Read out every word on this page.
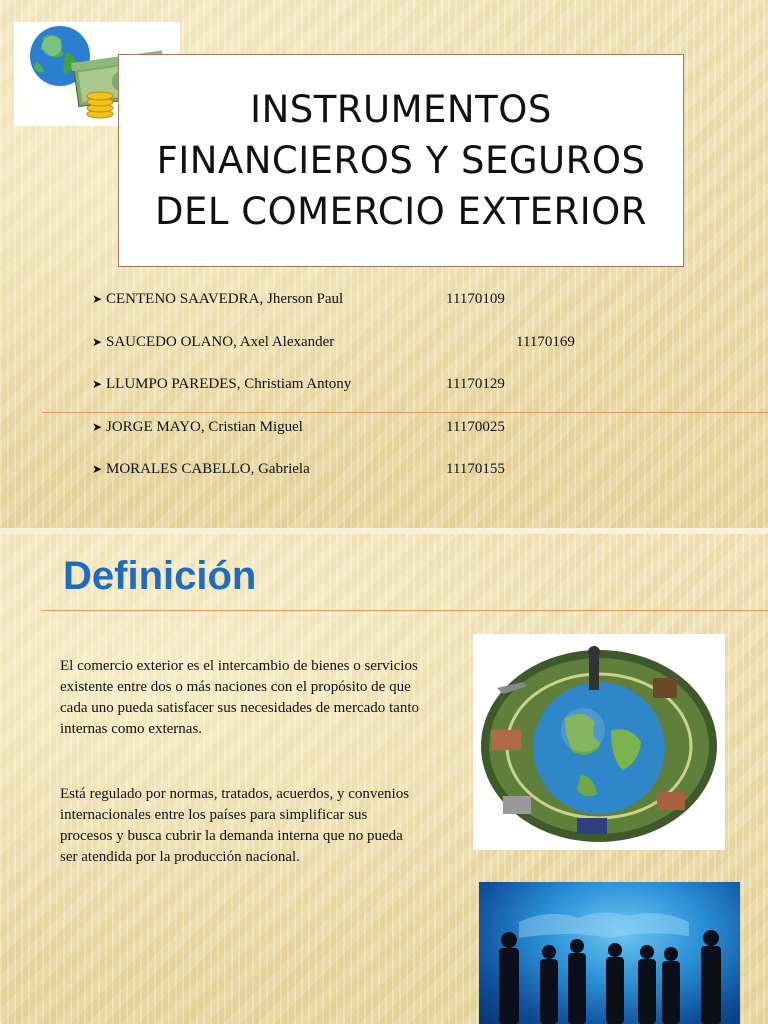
INSTRUMENTOS FINANCIEROS Y SEGUROS DEL COMERCIO EXTERIOR
➤ CENTENO SAAVEDRA, Jherson Paul	11170109
➤ SAUCEDO OLANO, Axel Alexander	11170169
➤ LLUMPO PAREDES, Christiam Antony	11170129
➤ JORGE MAYO, Cristian Miguel	11170025
➤ MORALES CABELLO, Gabriela	11170155
Definición
El comercio exterior es el intercambio de bienes o servicios existente entre dos o más naciones con el propósito de que cada uno pueda satisfacer sus necesidades de mercado tanto internas como externas.
Está regulado por normas, tratados, acuerdos, y convenios internacionales entre los países para simplificar sus procesos y busca cubrir la demanda interna que no pueda ser atendida por la producción nacional.
